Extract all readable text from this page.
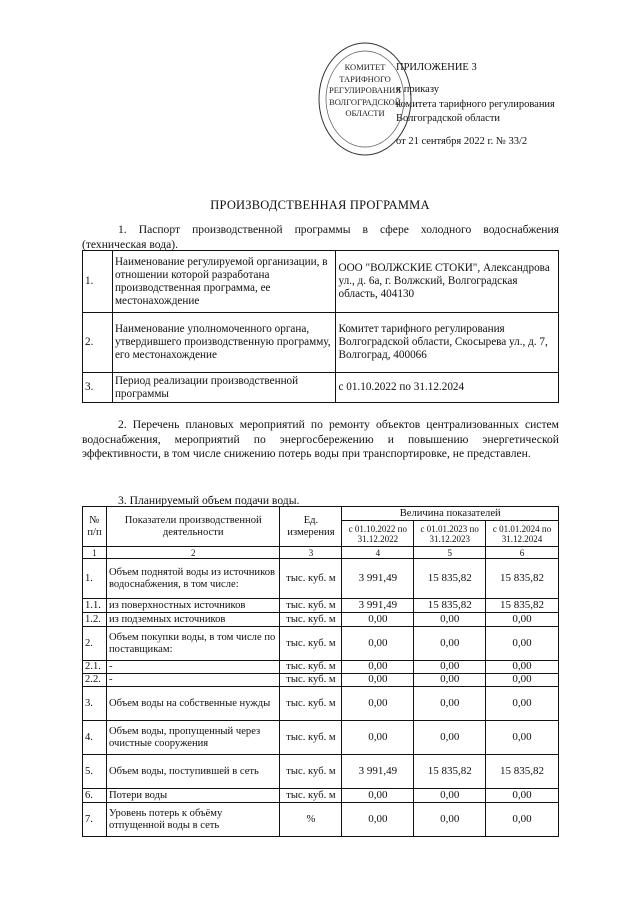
ПРИЛОЖЕНИЕ 3
к приказу
комитета тарифного регулирования
Волгоградской области
от 21 сентября 2022 г. № 33/2
КОМИТЕТ
ТАРИФНОГО
РЕГУЛИРОВАНИЯ
ВОЛГОГРАДСКОЙ
ОБЛАСТИ
ПРОИЗВОДСТВЕННАЯ ПРОГРАММА
1. Паспорт производственной программы в сфере холодного водоснабжения (техническая вода).
1.	Наименование регулируемой организации, в отношении которой разработана производственная программа, ее местонахождение	ООО "ВОЛЖСКИЕ СТОКИ", Александрова ул., д. 6а, г. Волжский, Волгоградская область, 404130
2.	Наименование уполномоченного органа, утвердившего производственную программу, его местонахождение	Комитет тарифного регулирования Волгоградской области, Скосырева ул., д. 7, Волгоград, 400066
3.	Период реализации производственной программы	с 01.10.2022 по 31.12.2024
2. Перечень плановых мероприятий по ремонту объектов централизованных систем водоснабжения, мероприятий по энергосбережению и повышению энергетической эффективности, в том числе снижению потерь воды при транспортировке, не представлен.
3. Планируемый объем подачи воды.
№ п/п	Показатели производственной деятельности	Ед. измерения	Величина показателей		
			с 01.10.2022 по 31.12.2022	с 01.01.2023 по 31.12.2023	с 01.01.2024 по 31.12.2024
1	2	3	4	5	6
1.	Объем поднятой воды из источников водоснабжения, в том числе:	тыс. куб. м	3 991,49	15 835,82	15 835,82
1.1.	из поверхностных источников	тыс. куб. м	3 991,49	15 835,82	15 835,82
1.2.	из подземных источников	тыс. куб. м	0,00	0,00	0,00
2.	Объем покупки воды, в том числе по поставщикам:	тыс. куб. м	0,00	0,00	0,00
2.1.	-	тыс. куб. м	0,00	0,00	0,00
2.2.	-	тыс. куб. м	0,00	0,00	0,00
3.	Объем воды на собственные нужды	тыс. куб. м	0,00	0,00	0,00
4.	Объем воды, пропущенный через очистные сооружения	тыс. куб. м	0,00	0,00	0,00
5.	Объем воды, поступившей в сеть	тыс. куб. м	3 991,49	15 835,82	15 835,82
6.	Потери воды	тыс. куб. м	0,00	0,00	0,00
7.	Уровень потерь к объёму отпущенной воды в сеть	%	0,00	0,00	0,00
